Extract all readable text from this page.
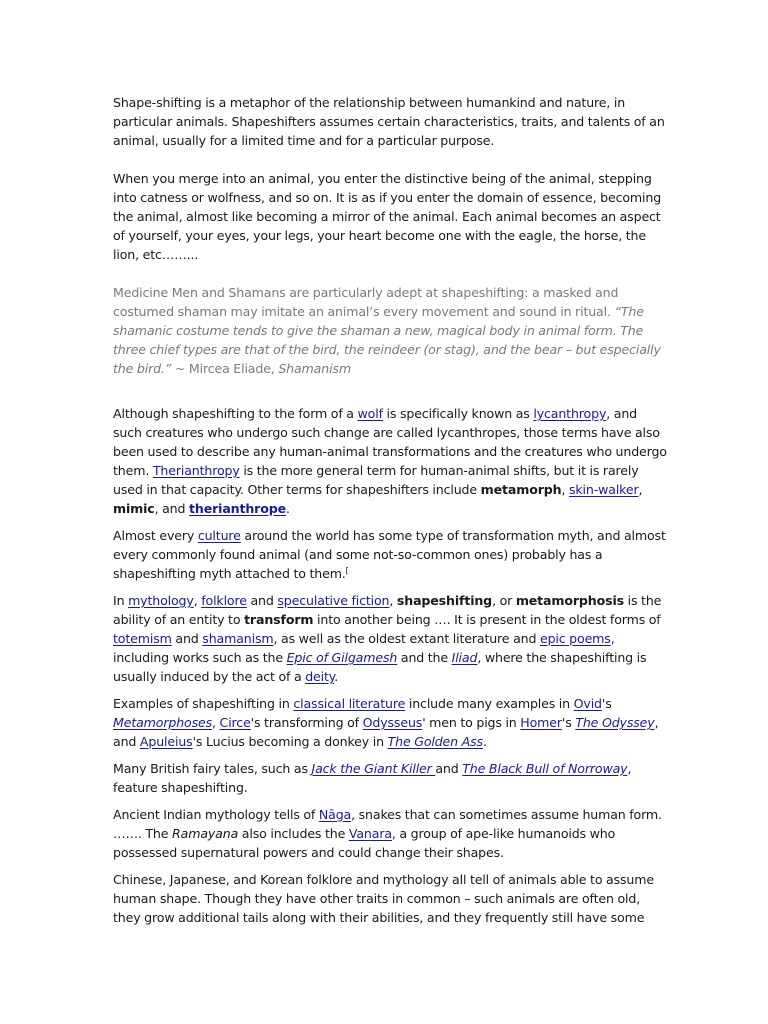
Shape-shifting is a metaphor of the relationship between humankind and nature, in particular animals. Shapeshifters assumes certain characteristics, traits, and talents of an animal, usually for a limited time and for a particular purpose.

When you merge into an animal, you enter the distinctive being of the animal, stepping into catness or wolfness, and so on. It is as if you enter the domain of essence, becoming the animal, almost like becoming a mirror of the animal. Each animal becomes an aspect of yourself, your eyes, your legs, your heart become one with the eagle, the horse, the lion, etc……...

Medicine Men and Shamans are particularly adept at shapeshifting: a masked and costumed shaman may imitate an animal’s every movement and sound in ritual. “The shamanic costume tends to give the shaman a new, magical body in animal form. The three chief types are that of the bird, the reindeer (or stag), and the bear – but especially the bird.” ~ Mircea Eliade, Shamanism

Although shapeshifting to the form of a wolf is specifically known as lycanthropy, and such creatures who undergo such change are called lycanthropes, those terms have also been used to describe any human-animal transformations and the creatures who undergo them. Therianthropy is the more general term for human-animal shifts, but it is rarely used in that capacity. Other terms for shapeshifters include metamorph, skin-walker, mimic, and therianthrope.

Almost every culture around the world has some type of transformation myth, and almost every commonly found animal (and some not-so-common ones) probably has a shapeshifting myth attached to them.[

In mythology, folklore and speculative fiction, shapeshifting, or metamorphosis is the ability of an entity to transform into another being …. It is present in the oldest forms of totemism and shamanism, as well as the oldest extant literature and epic poems, including works such as the Epic of Gilgamesh and the Iliad, where the shapeshifting is usually induced by the act of a deity.

Examples of shapeshifting in classical literature include many examples in Ovid's Metamorphoses, Circe's transforming of Odysseus' men to pigs in Homer's The Odyssey, and Apuleius's Lucius becoming a donkey in The Golden Ass.

Many British fairy tales, such as Jack the Giant Killer and The Black Bull of Norroway, feature shapeshifting.

Ancient Indian mythology tells of Nāga, snakes that can sometimes assume human form. ……. The Ramayana also includes the Vanara, a group of ape-like humanoids who possessed supernatural powers and could change their shapes.

Chinese, Japanese, and Korean folklore and mythology all tell of animals able to assume human shape. Though they have other traits in common – such animals are often old, they grow additional tails along with their abilities, and they frequently still have some
